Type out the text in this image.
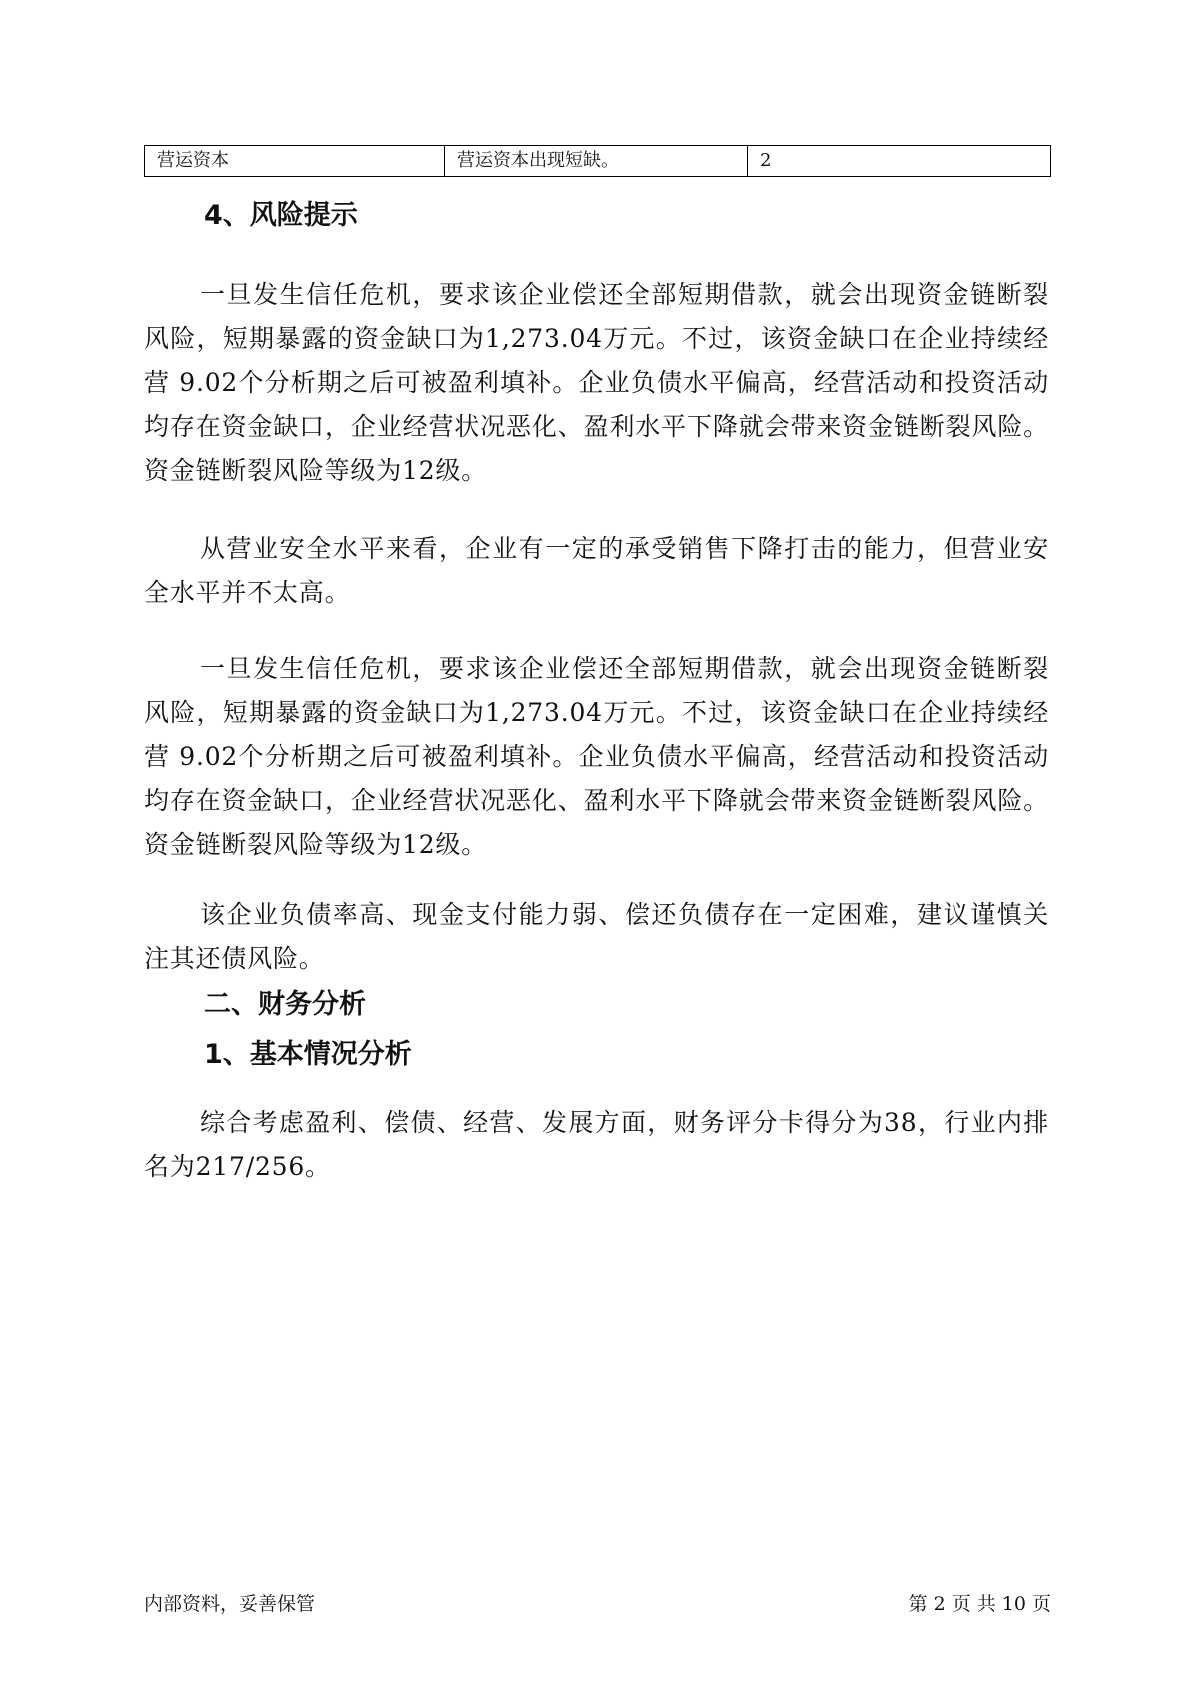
营运资本	营运资本出现短缺。	2
4、风险提示
一旦发生信任危机，要求该企业偿还全部短期借款，就会出现资金链断裂风险，短期暴露的资金缺口为1,273.04万元。不过，该资金缺口在企业持续经营 9.02个分析期之后可被盈利填补。企业负债水平偏高，经营活动和投资活动均存在资金缺口，企业经营状况恶化、盈利水平下降就会带来资金链断裂风险。资金链断裂风险等级为12级。
从营业安全水平来看，企业有一定的承受销售下降打击的能力，但营业安全水平并不太高。
一旦发生信任危机，要求该企业偿还全部短期借款，就会出现资金链断裂风险，短期暴露的资金缺口为1,273.04万元。不过，该资金缺口在企业持续经营 9.02个分析期之后可被盈利填补。企业负债水平偏高，经营活动和投资活动均存在资金缺口，企业经营状况恶化、盈利水平下降就会带来资金链断裂风险。资金链断裂风险等级为12级。
该企业负债率高、现金支付能力弱、偿还负债存在一定困难，建议谨慎关注其还债风险。
二、财务分析
1、基本情况分析
综合考虑盈利、偿债、经营、发展方面，财务评分卡得分为38，行业内排名为217/256。
内部资料，妥善保管	第 2 页 共 10 页
